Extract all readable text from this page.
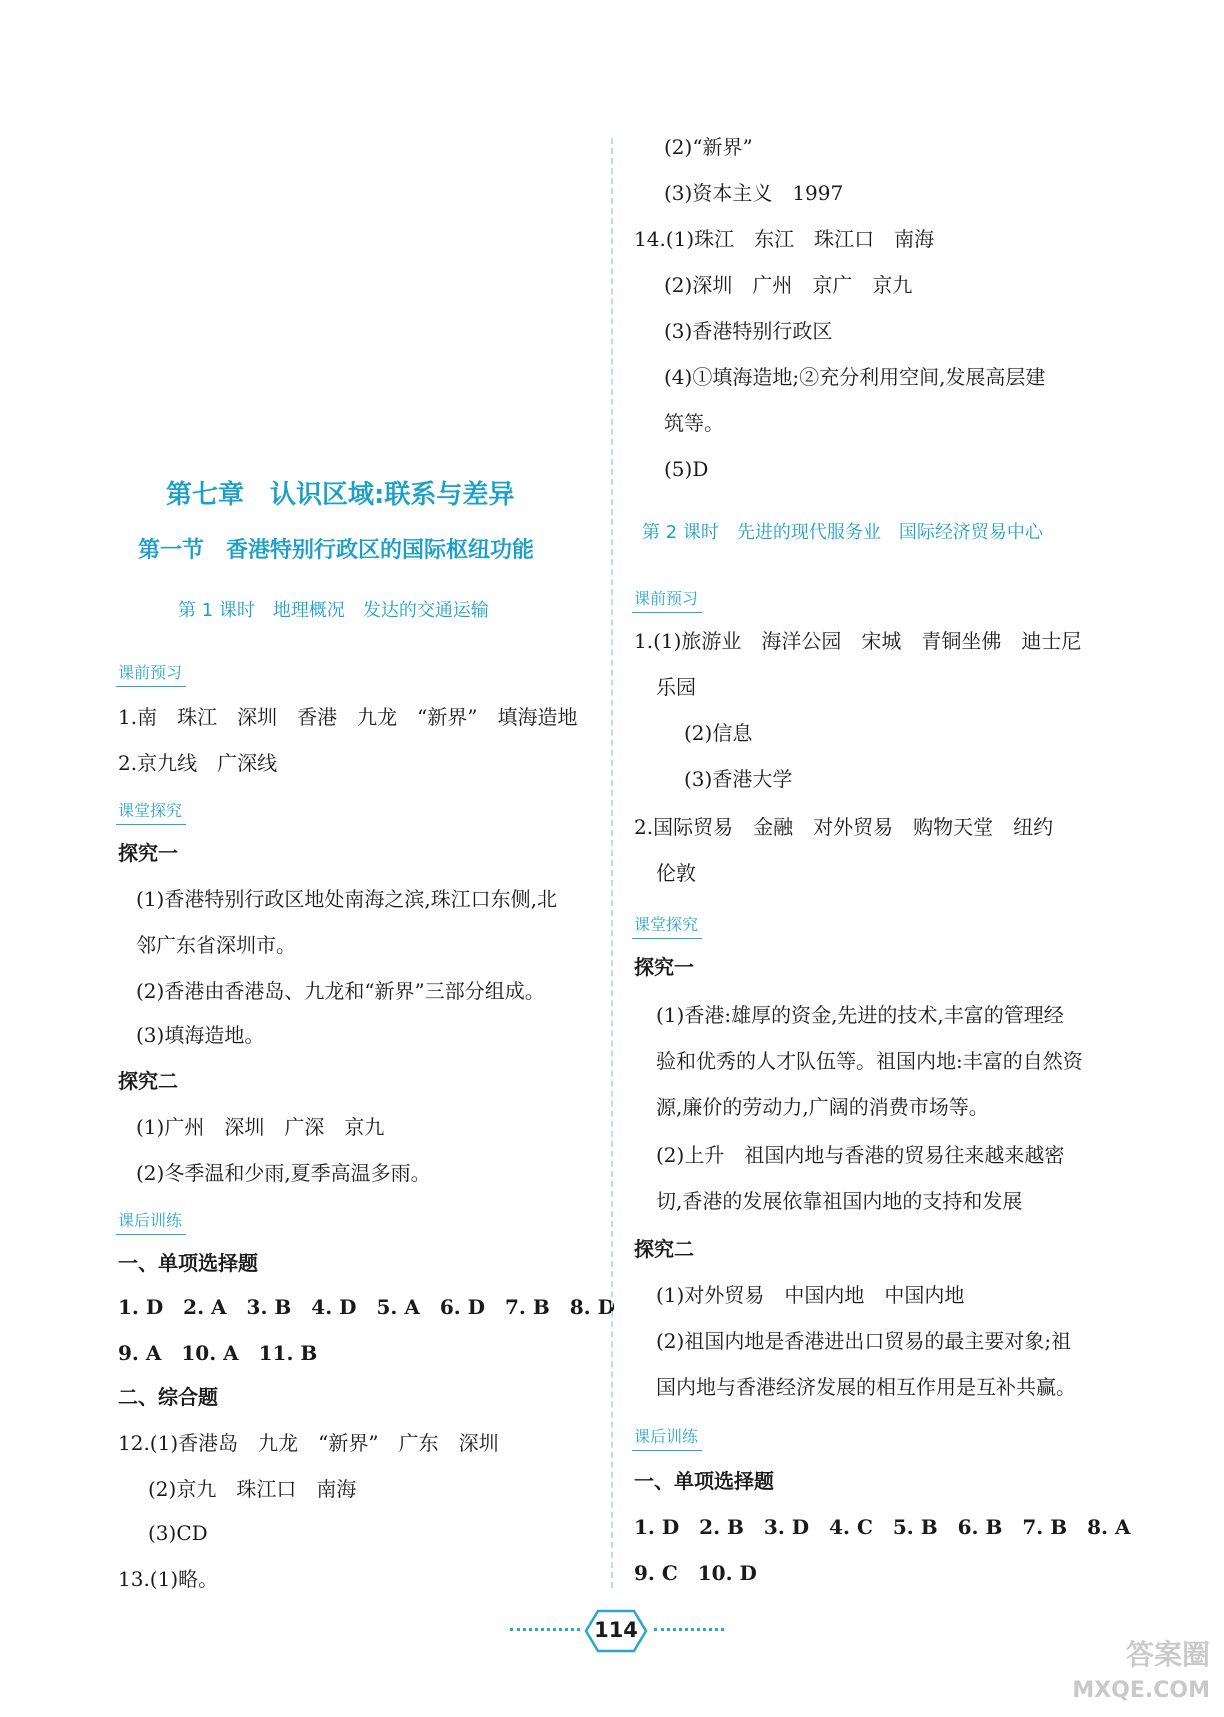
第七章　认识区域:联系与差异
第一节　香港特别行政区的国际枢纽功能
第 1 课时　地理概况　发达的交通运输
课前预习
1.南　珠江　深圳　香港　九龙　“新界”　填海造地
2.京九线　广深线
课堂探究
探究一
(1)香港特别行政区地处南海之滨,珠江口东侧,北
邻广东省深圳市。
(2)香港由香港岛、九龙和“新界”三部分组成。
(3)填海造地。
探究二
(1)广州　深圳　广深　京九
(2)冬季温和少雨,夏季高温多雨。
课后训练
一、单项选择题
1. D　2. A　3. B　4. D　5. A　6. D　7. B　8. D
9. A　10. A　11. B
二、综合题
12.(1)香港岛　九龙　“新界”　广东　深圳
(2)京九　珠江口　南海
(3)CD
13.(1)略。
(2)“新界”
(3)资本主义　1997
14.(1)珠江　东江　珠江口　南海
(2)深圳　广州　京广　京九
(3)香港特别行政区
(4)①填海造地;②充分利用空间,发展高层建
筑等。
(5)D
第 2 课时　先进的现代服务业　国际经济贸易中心
课前预习
1.(1)旅游业　海洋公园　宋城　青铜坐佛　迪士尼
乐园
(2)信息
(3)香港大学
2.国际贸易　金融　对外贸易　购物天堂　纽约
伦敦
课堂探究
探究一
(1)香港:雄厚的资金,先进的技术,丰富的管理经
验和优秀的人才队伍等。祖国内地:丰富的自然资
源,廉价的劳动力,广阔的消费市场等。
(2)上升　祖国内地与香港的贸易往来越来越密
切,香港的发展依靠祖国内地的支持和发展
探究二
(1)对外贸易　中国内地　中国内地
(2)祖国内地是香港进出口贸易的最主要对象;祖
国内地与香港经济发展的相互作用是互补共赢。
课后训练
一、单项选择题
1. D　2. B　3. D　4. C　5. B　6. B　7. B　8. A
9. C　10. D
114
答案圈
MXQE.COM
